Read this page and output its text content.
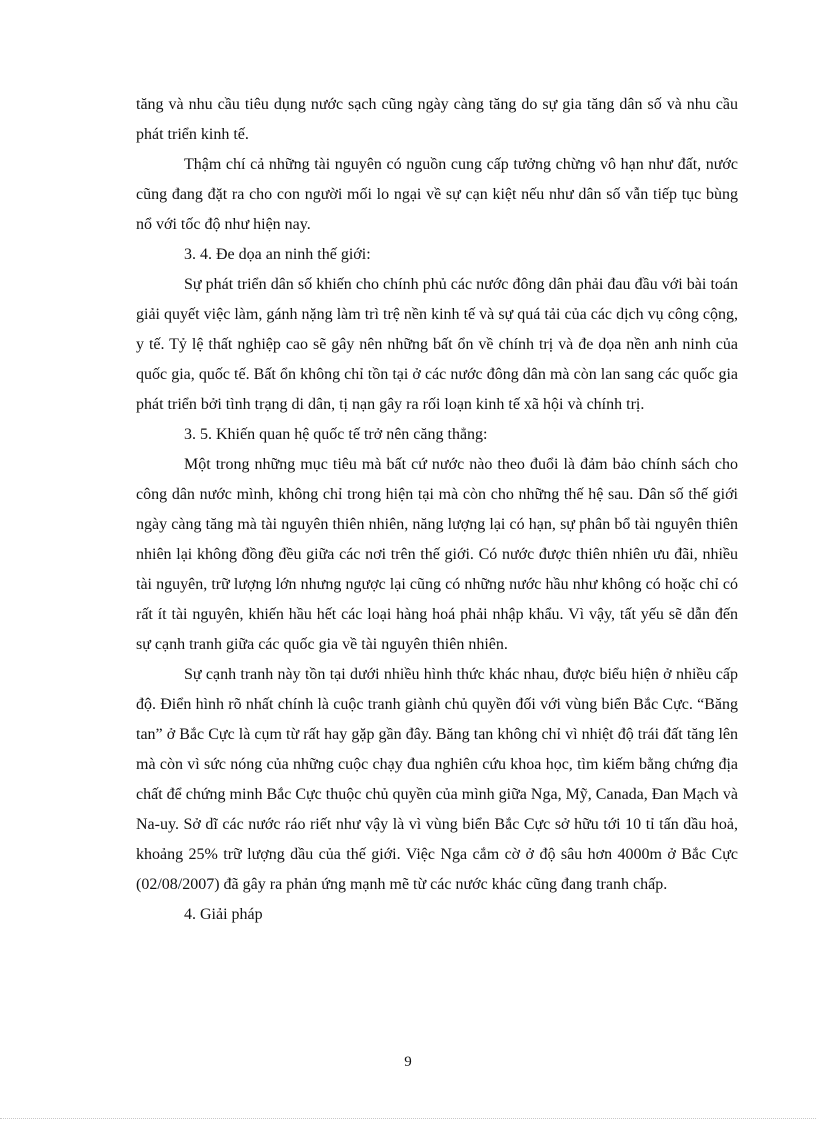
tăng và nhu cầu tiêu dụng nước sạch cũng ngày càng tăng do sự gia tăng dân số và nhu cầu phát triển kinh tế.

Thậm chí cả những tài nguyên có nguồn cung cấp tưởng chừng vô hạn như đất, nước cũng đang đặt ra cho con người mối lo ngại về sự cạn kiệt nếu như dân số vẫn tiếp tục bùng nổ với tốc độ như hiện nay.

3. 4. Đe dọa an ninh thế giới:

Sự phát triển dân số khiến cho chính phủ các nước đông dân phải đau đầu với bài toán giải quyết việc làm, gánh nặng làm trì trệ nền kinh tế và sự quá tải của các dịch vụ công cộng, y tế. Tỷ lệ thất nghiệp cao sẽ gây nên những bất ổn về chính trị và đe dọa nền anh ninh của quốc gia, quốc tế. Bất ổn không chỉ tồn tại ở các nước đông dân mà còn lan sang các quốc gia phát triển bởi tình trạng di dân, tị nạn gây ra rối loạn kinh tế xã hội và chính trị.

3. 5. Khiến quan hệ quốc tế trở nên căng thẳng:

Một trong những mục tiêu mà bất cứ nước nào theo đuổi là đảm bảo chính sách cho công dân nước mình, không chỉ trong hiện tại mà còn cho những thế hệ sau. Dân số thế giới ngày càng tăng mà tài nguyên thiên nhiên, năng lượng lại có hạn, sự phân bổ tài nguyên thiên nhiên lại không đồng đều giữa các nơi trên thế giới. Có nước được thiên nhiên ưu đãi, nhiều tài nguyên, trữ lượng lớn nhưng ngược lại cũng có những nước hầu như không có hoặc chỉ có rất ít tài nguyên, khiến hầu hết các loại hàng hoá phải nhập khẩu. Vì vậy, tất yếu sẽ dẫn đến sự cạnh tranh giữa các quốc gia về tài nguyên thiên nhiên.

Sự cạnh tranh này tồn tại dưới nhiều hình thức khác nhau, được biểu hiện ở nhiều cấp độ. Điển hình rõ nhất chính là cuộc tranh giành chủ quyền đối với vùng biển Bắc Cực. “Băng tan” ở Bắc Cực là cụm từ rất hay gặp gần đây. Băng tan không chỉ vì nhiệt độ trái đất tăng lên mà còn vì sức nóng của những cuộc chạy đua nghiên cứu khoa học, tìm kiếm bằng chứng địa chất để chứng minh Bắc Cực thuộc chủ quyền của mình giữa Nga, Mỹ, Canada, Đan Mạch và Na-uy. Sở dĩ các nước ráo riết như vậy là vì vùng biển Bắc Cực sở hữu tới 10 tỉ tấn dầu hoả, khoảng 25% trữ lượng dầu của thế giới. Việc Nga cắm cờ ở độ sâu hơn 4000m ở Bắc Cực (02/08/2007) đã gây ra phản ứng mạnh mẽ từ các nước khác cũng đang tranh chấp.

4. Giải pháp

9
